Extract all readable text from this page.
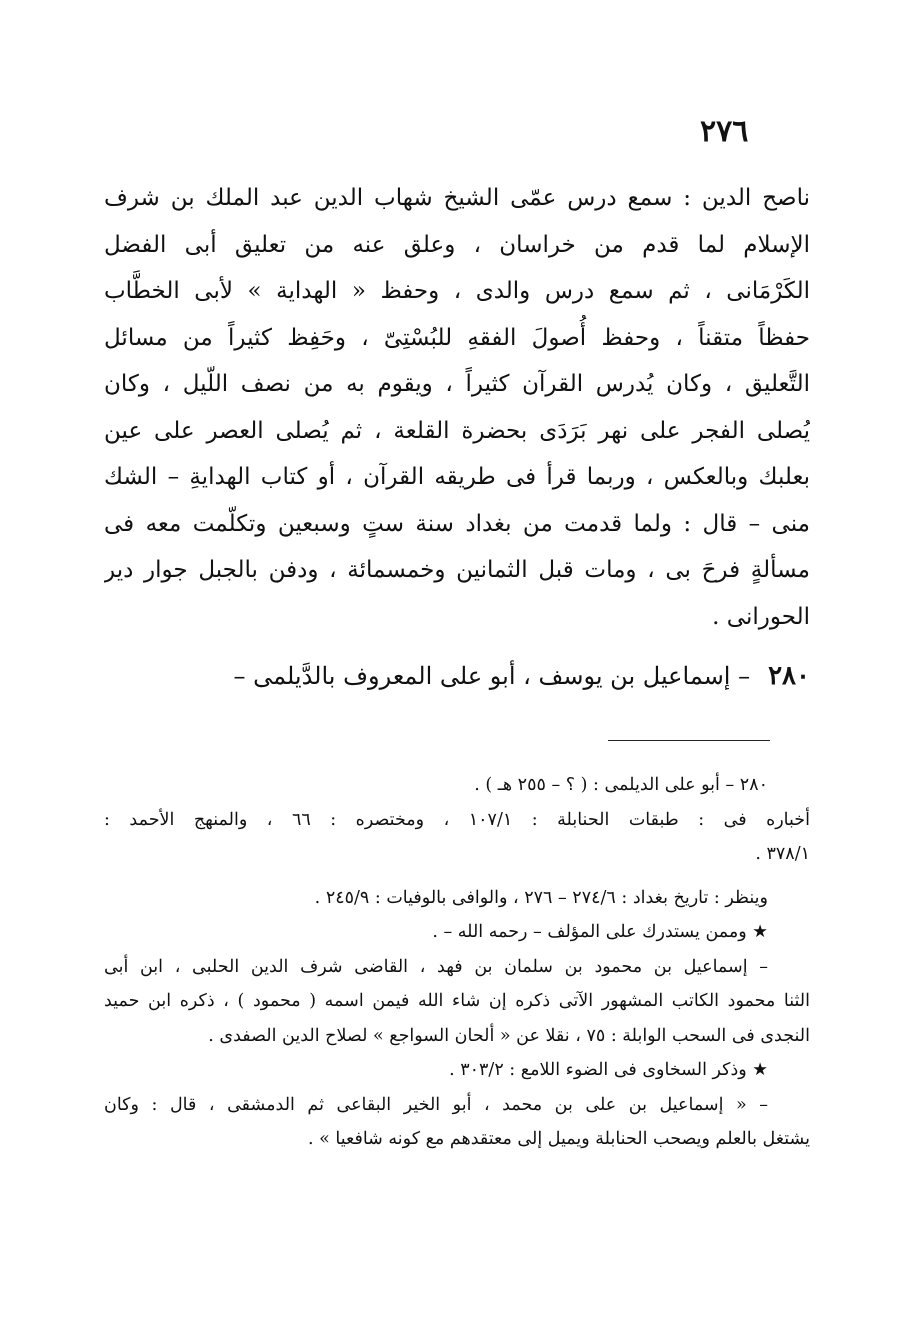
٢٧٦
ناصح الدين : سمع درس عمّى الشيخ شهاب الدين عبد الملك بن شرف
الإسلام لما قدم من خراسان ، وعلق عنه من تعليق أبى الفضل
الكَرْمَانى ، ثم سمع درس والدى ، وحفظ « الهداية » لأبى الخطَّاب
حفظاً متقناً ، وحفظ أُصولَ الفقهِ للبُسْتِىّ ، وحَفِظ كثيراً من مسائل
التَّعليق ، وكان يُدرس القرآن كثيراً ، ويقوم به من نصف اللّيل ، وكان
يُصلى الفجر على نهر بَرَدَى بحضرة القلعة ، ثم يُصلى العصر على عين
بعلبك وبالعكس ، وربما قرأ فى طريقه القرآن ، أو كتاب الهدايةِ – الشك
منى – قال : ولما قدمت من بغداد سنة ستٍ وسبعين وتكلّمت معه فى
مسألةٍ فرحَ بى ، ومات قبل الثمانين وخمسمائة ، ودفن بالجبل جوار دير
الحورانى .
٢٨٠– إسماعيل بن يوسف ، أبو على المعروف بالدَّيلمى –
٢٨٠ – أبو على الديلمى : ( ؟ – ٢٥٥ هـ ) .
أخباره فى : طبقات الحنابلة : ١٠٧/١ ، ومختصره : ٦٦ ، والمنهج الأحمد :
٣٧٨/١ .
وينظر : تاريخ بغداد : ٢٧٤/٦ – ٢٧٦ ، والوافى بالوفيات : ٢٤٥/٩ .
★ وممن يستدرك على المؤلف – رحمه الله – .
– إسماعيل بن محمود بن سلمان بن فهد ، القاضى شرف الدين الحلبى ، ابن أبى
الثنا محمود الكاتب المشهور الآتى ذكره إن شاء الله فيمن اسمه ( محمود ) ، ذكره ابن حميد
النجدى فى السحب الوابلة : ٧٥ ، نقلا عن « ألحان السواجع » لصلاح الدين الصفدى .
★ وذكر السخاوى فى الضوء اللامع : ٣٠٣/٢ .
– « إسماعيل بن على بن محمد ، أبو الخير البقاعى ثم الدمشقى ، قال : وكان
يشتغل بالعلم ويصحب الحنابلة ويميل إلى معتقدهم مع كونه شافعيا » .
